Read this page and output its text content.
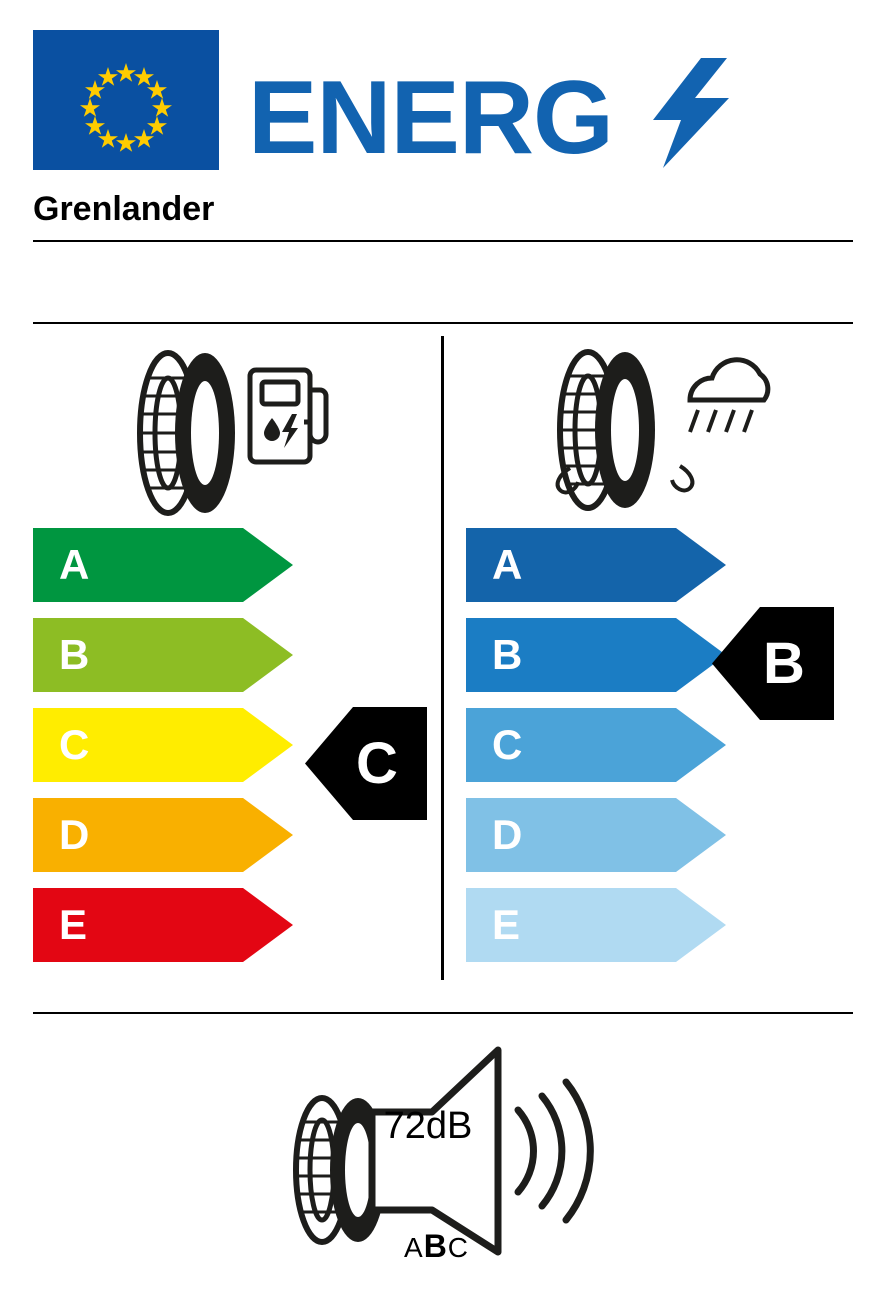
ENERG
Grenlander
A
B
C
D
E
A
B
C
D
E
C
B
72dB
ABC
